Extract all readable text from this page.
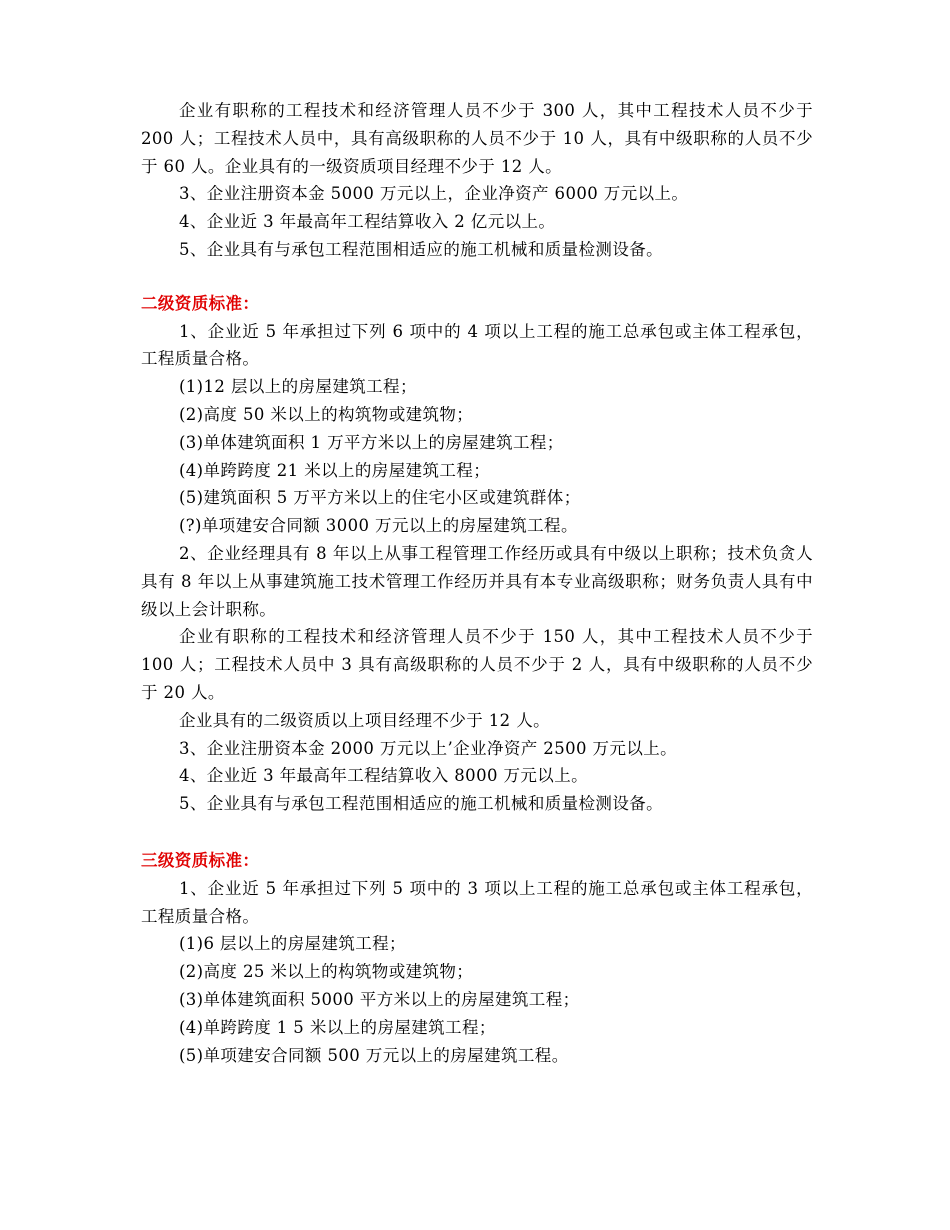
企业有职称的工程技术和经济管理人员不少于 300 人，其中工程技术人员不少于 200 人；工程技术人员中，具有高级职称的人员不少于 10 人，具有中级职称的人员不少于 60 人。企业具有的一级资质项目经理不少于 12 人。

3、企业注册资本金 5000 万元以上，企业净资产 6000 万元以上。

4、企业近 3 年最高年工程结算收入 2 亿元以上。

5、企业具有与承包工程范围相适应的施工机械和质量检测设备。

二级资质标准：

1、企业近 5 年承担过下列 6 项中的 4 项以上工程的施工总承包或主体工程承包，工程质量合格。

(1)12 层以上的房屋建筑工程；

(2)高度 50 米以上的构筑物或建筑物；

(3)单体建筑面积 1 万平方米以上的房屋建筑工程；

(4)单跨跨度 21 米以上的房屋建筑工程；

(5)建筑面积 5 万平方米以上的住宅小区或建筑群体；

(?)单项建安合同额 3000 万元以上的房屋建筑工程。

2、企业经理具有 8 年以上从事工程管理工作经历或具有中级以上职称；技术负贪人具有 8 年以上从事建筑施工技术管理工作经历并具有本专业高级职称；财务负责人具有中级以上会计职称。

企业有职称的工程技术和经济管理人员不少于 150 人，其中工程技术人员不少于 100 人；工程技术人员中 3 具有高级职称的人员不少于 2 人，具有中级职称的人员不少于 20 人。

企业具有的二级资质以上项目经理不少于 12 人。

3、企业注册资本金 2000 万元以上’企业净资产 2500 万元以上。

4、企业近 3 年最高年工程结算收入 8000 万元以上。

5、企业具有与承包工程范围相适应的施工机械和质量检测设备。

三级资质标准：

1、企业近 5 年承担过下列 5 项中的 3 项以上工程的施工总承包或主体工程承包，工程质量合格。

(1)6 层以上的房屋建筑工程；

(2)高度 25 米以上的构筑物或建筑物；

(3)单体建筑面积 5000 平方米以上的房屋建筑工程；

(4)单跨跨度 1 5 米以上的房屋建筑工程；

(5)单项建安合同额 500 万元以上的房屋建筑工程。
